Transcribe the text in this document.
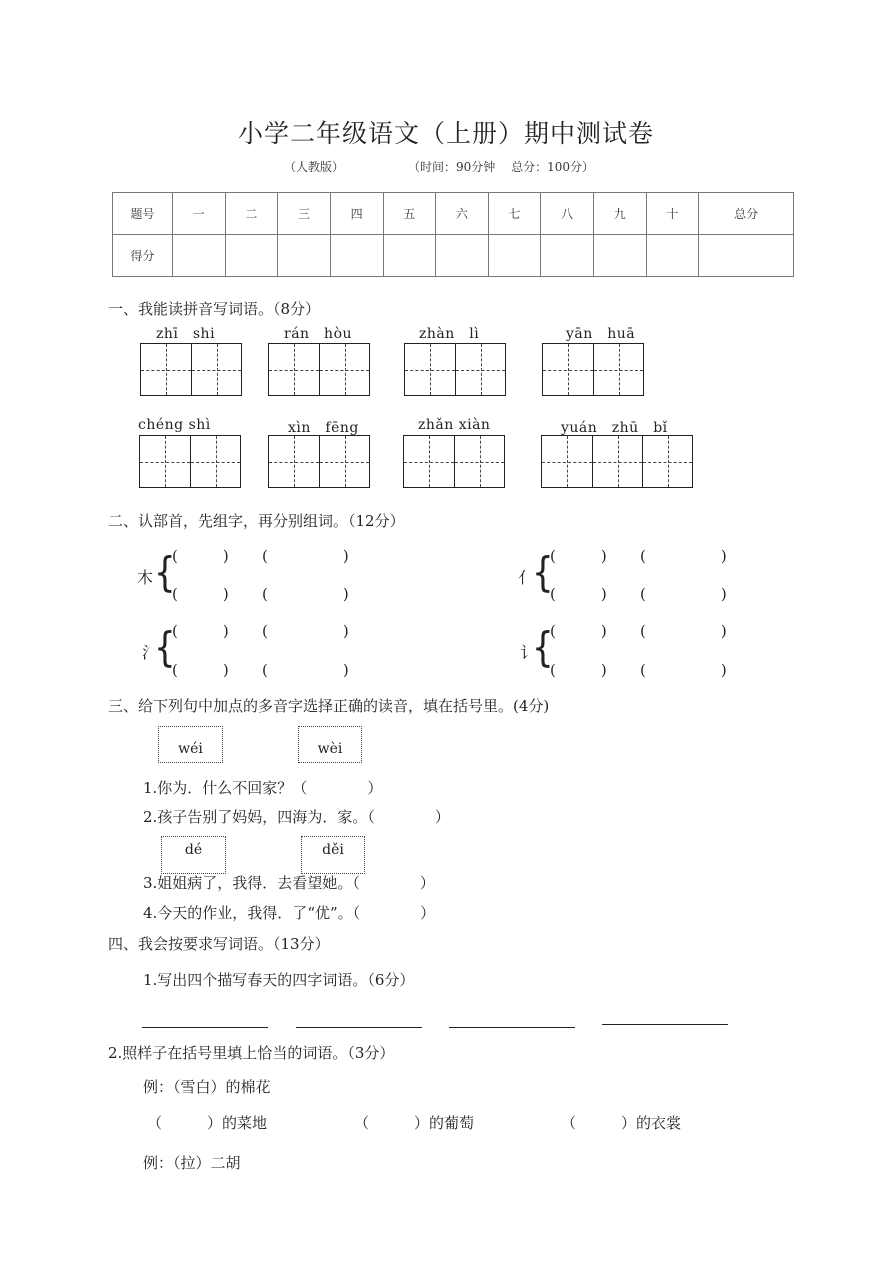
小学二年级语文（上册）期中测试卷
（人教版）	（时间：90分钟　 总分：100分）
题号	一	二	三	四	五	六	七	八	九	十	总分
得分											
一、我能读拼音写词语。（8分）
zhī　shi	rán　hòu	zhàn　lì	yān　huā
chéng shì	xìn　fēng	zhǎn xiàn	yuán　zhū　bǐ
二、认部首，先组字，再分别组词。（12分）
木 {
(　　　) (　　　　　)
(　　　) (　　　　　)
亻
{
(　　　) (　　　　　)
(　　　) (　　　　　)
氵
{
(　　　) (　　　　　)
(　　　) (　　　　　)
讠
{
(　　　) (　　　　　)
(　　　) (　　　　　)
三、给下列句中加点的多音字选择正确的读音，填在括号里。(4分)
wéi	wèi
1.你为．什么不回家？（　　　　）
2.孩子告别了妈妈，四海为．家。（　　　　）
dé	děi
3.姐姐病了，我得．去看望她。（　　　　）
4.今天的作业，我得．了“优”。（　　　　）
四、我会按要求写词语。（13分）
1.写出四个描写春天的四字词语。（6分）
2.照样子在括号里填上恰当的词语。（3分）
例：（雪白）的棉花
（　　　）的菜地	（　　　）的葡萄	（　　　）的衣裳
例：（拉）二胡
